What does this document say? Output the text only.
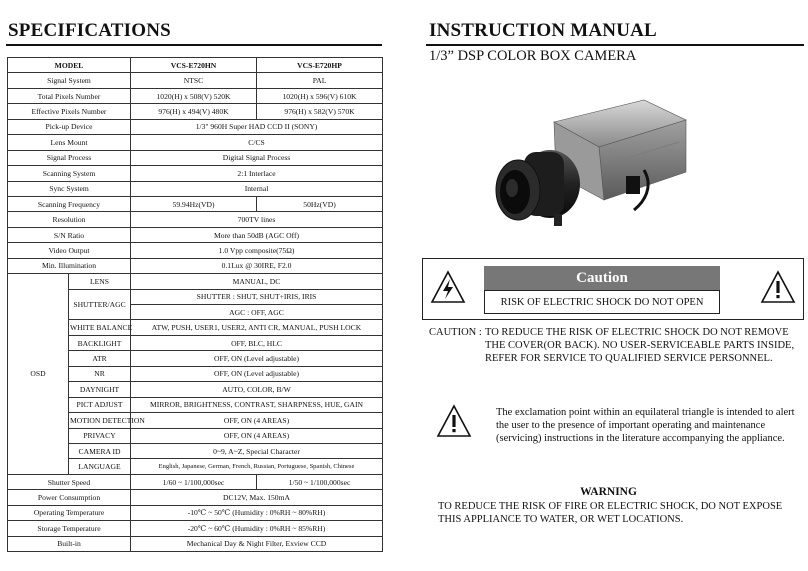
SPECIFICATIONS
MODEL		VCS-E720HN	VCS-E720HP
Signal System		NTSC	PAL
Total Pixels Number		1020(H) x 508(V) 520K	1020(H) x 596(V) 610K
Effective Pixels Number		976(H) x 494(V) 480K	976(H) x 582(V) 570K
Pick-up Device		1/3" 960H Super HAD CCD II (SONY)	
Lens Mount		C/CS	
Signal Process		Digital Signal Process	
Scanning System		2:1 Interlace	
Sync System		Internal	
Scanning Frequency		59.94Hz(VD)	50Hz(VD)
Resolution		700TV lines	
S/N Ratio		More than 50dB (AGC Off)	
Video Output		1.0 Vpp composite(75Ω)	
Min. Illumination		0.1Lux @ 30IRE, F2.0	
OSD	LENS	MANUAL, DC	
	SHUTTER/AGC	SHUTTER : SHUT, SHUT+IRIS, IRIS	
		AGC : OFF, AGC	
	WHITE BALANCE	ATW, PUSH, USER1, USER2, ANTI CR, MANUAL, PUSH LOCK	
	BACKLIGHT	OFF, BLC, HLC	
	ATR	OFF, ON (Level adjustable)	
	NR	OFF, ON (Level adjustable)	
	DAYNIGHT	AUTO, COLOR, B/W	
	PICT ADJUST	MIRROR, BRIGHTNESS, CONTRAST, SHARPNESS, HUE, GAIN	
	MOTION DETECTION	OFF, ON (4 AREAS)	
	PRIVACY	OFF, ON (4 AREAS)	
	CAMERA ID	0~9, A~Z, Special Character	
	LANGUAGE	English, Japanese, German, French, Russian, Portuguese, Spanish, Chinese	
Shutter Speed		1/60 ~ 1/100,000sec	1/50 ~ 1/100,000sec
Power Consumption		DC12V, Max. 150mA	
Operating Temperature		-10℃ ~ 50℃ (Humidity : 0%RH ~ 80%RH)	
Storage Temperature		-20℃ ~ 60℃ (Humidity : 0%RH ~ 85%RH)	
Built-in		Mechanical Day & Night Filter, Exview CCD	
INSTRUCTION MANUAL
1/3” DSP COLOR BOX CAMERA
Caution
RISK OF ELECTRIC SHOCK DO NOT OPEN
CAUTION : TO REDUCE THE RISK OF ELECTRIC SHOCK DO NOT REMOVE THE COVER(OR BACK). NO USER-SERVICEABLE PARTS INSIDE, REFER FOR SERVICE TO QUALIFIED SERVICE PERSONNEL.
The exclamation point within an equilateral triangle is intended to alert the user to the presence of important operating and maintenance (servicing) instructions in the literature accompanying the appliance.
WARNING
TO REDUCE THE RISK OF FIRE OR ELECTRIC SHOCK, DO NOT EXPOSE THIS APPLIANCE TO WATER, OR WET LOCATIONS.
